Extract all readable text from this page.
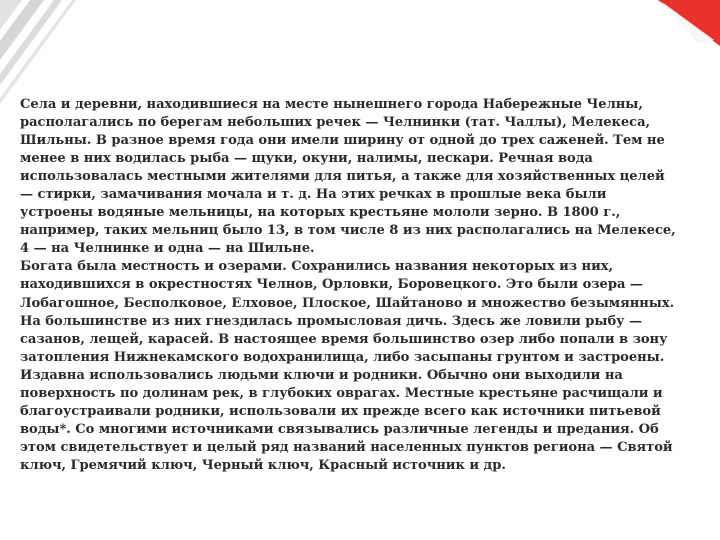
Села и деревни, находившиеся на месте нынешнего города Набережные Челны, располагались по берегам небольших речек — Челнинки (тат. Чаллы), Мелекеса, Шильны. В разное время года они имели ширину от одной до трех саженей. Тем не менее в них водилась рыба — щуки, окуни, налимы, пескари. Речная вода использовалась местными жителями для питья, а также для хозяйственных целей — стирки, замачивания мочала и т. д. На этих речках в прошлые века были устроены водяные мельницы, на которых крестьяне мололи зерно. В 1800 г., например, таких мельниц было 13, в том числе 8 из них располагались на Мелекесе, 4 — на Челнинке и одна — на Шильне.

Богата была местность и озерами. Сохранились названия некоторых из них, находившихся в окрестностях Челнов, Орловки, Боровецкого. Это были озера — Лобагошное, Бесполковое, Елховое, Плоское, Шайтаново и множество безымянных. На большинстве из них гнездилась промысловая дичь. Здесь же ловили рыбу — сазанов, лещей, карасей. В настоящее время большинство озер либо попали в зону затопления Нижнекамского водохранилища, либо засыпаны грунтом и застроены.

Издавна использовались людьми ключи и родники. Обычно они выходили на поверхность по долинам рек, в глубоких оврагах. Местные крестьяне расчищали и благоустраивали родники, использовали их прежде всего как источники питьевой воды*. Со многими источниками связывались различные легенды и предания. Об этом свидетельствует и целый ряд названий населенных пунктов региона — Святой ключ, Гремячий ключ, Черный ключ, Красный источник и др.
